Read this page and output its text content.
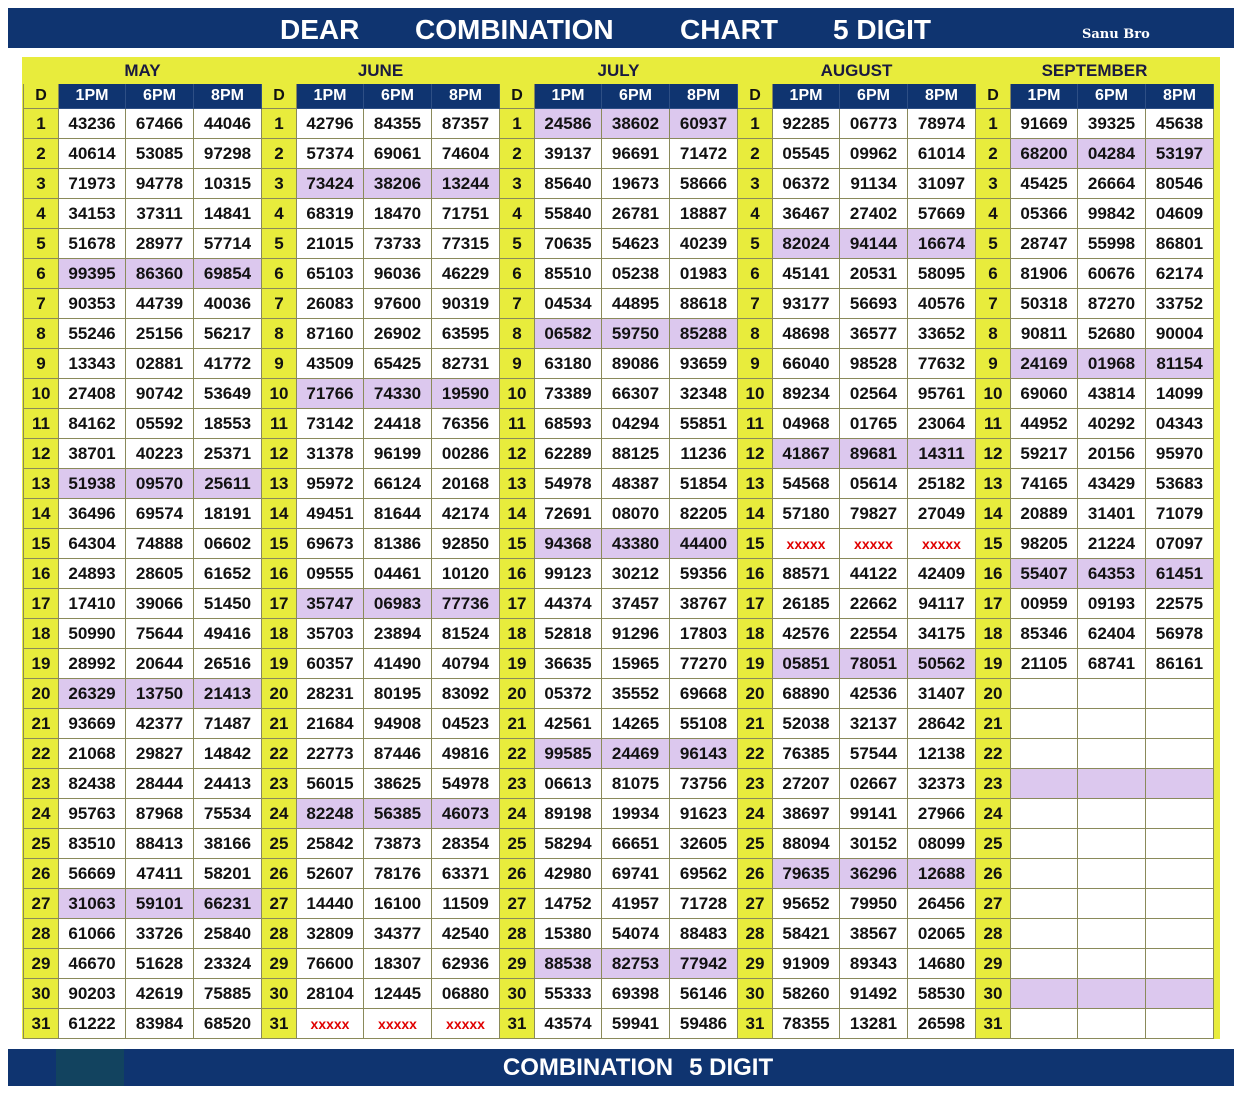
DEAR COMBINATION CHART 5 DIGIT	Sanu Bro
MAY				JUNE				JULY				AUGUST				SEPTEMBER			
D	1PM	6PM	8PM	D	1PM	6PM	8PM	D	1PM	6PM	8PM	D	1PM	6PM	8PM	D	1PM	6PM	8PM
1	43236	67466	44046	1	42796	84355	87357	1	24586	38602	60937	1	92285	06773	78974	1	91669	39325	45638
2	40614	53085	97298	2	57374	69061	74604	2	39137	96691	71472	2	05545	09962	61014	2	68200	04284	53197
3	71973	94778	10315	3	73424	38206	13244	3	85640	19673	58666	3	06372	91134	31097	3	45425	26664	80546
4	34153	37311	14841	4	68319	18470	71751	4	55840	26781	18887	4	36467	27402	57669	4	05366	99842	04609
5	51678	28977	57714	5	21015	73733	77315	5	70635	54623	40239	5	82024	94144	16674	5	28747	55998	86801
6	99395	86360	69854	6	65103	96036	46229	6	85510	05238	01983	6	45141	20531	58095	6	81906	60676	62174
7	90353	44739	40036	7	26083	97600	90319	7	04534	44895	88618	7	93177	56693	40576	7	50318	87270	33752
8	55246	25156	56217	8	87160	26902	63595	8	06582	59750	85288	8	48698	36577	33652	8	90811	52680	90004
9	13343	02881	41772	9	43509	65425	82731	9	63180	89086	93659	9	66040	98528	77632	9	24169	01968	81154
10	27408	90742	53649	10	71766	74330	19590	10	73389	66307	32348	10	89234	02564	95761	10	69060	43814	14099
11	84162	05592	18553	11	73142	24418	76356	11	68593	04294	55851	11	04968	01765	23064	11	44952	40292	04343
12	38701	40223	25371	12	31378	96199	00286	12	62289	88125	11236	12	41867	89681	14311	12	59217	20156	95970
13	51938	09570	25611	13	95972	66124	20168	13	54978	48387	51854	13	54568	05614	25182	13	74165	43429	53683
14	36496	69574	18191	14	49451	81644	42174	14	72691	08070	82205	14	57180	79827	27049	14	20889	31401	71079
15	64304	74888	06602	15	69673	81386	92850	15	94368	43380	44400	15	xxxxx	xxxxx	xxxxx	15	98205	21224	07097
16	24893	28605	61652	16	09555	04461	10120	16	99123	30212	59356	16	88571	44122	42409	16	55407	64353	61451
17	17410	39066	51450	17	35747	06983	77736	17	44374	37457	38767	17	26185	22662	94117	17	00959	09193	22575
18	50990	75644	49416	18	35703	23894	81524	18	52818	91296	17803	18	42576	22554	34175	18	85346	62404	56978
19	28992	20644	26516	19	60357	41490	40794	19	36635	15965	77270	19	05851	78051	50562	19	21105	68741	86161
20	26329	13750	21413	20	28231	80195	83092	20	05372	35552	69668	20	68890	42536	31407	20			
21	93669	42377	71487	21	21684	94908	04523	21	42561	14265	55108	21	52038	32137	28642	21			
22	21068	29827	14842	22	22773	87446	49816	22	99585	24469	96143	22	76385	57544	12138	22			
23	82438	28444	24413	23	56015	38625	54978	23	06613	81075	73756	23	27207	02667	32373	23			
24	95763	87968	75534	24	82248	56385	46073	24	89198	19934	91623	24	38697	99141	27966	24			
25	83510	88413	38166	25	25842	73873	28354	25	58294	66651	32605	25	88094	30152	08099	25			
26	56669	47411	58201	26	52607	78176	63371	26	42980	69741	69562	26	79635	36296	12688	26			
27	31063	59101	66231	27	14440	16100	11509	27	14752	41957	71728	27	95652	79950	26456	27			
28	61066	33726	25840	28	32809	34377	42540	28	15380	54074	88483	28	58421	38567	02065	28			
29	46670	51628	23324	29	76600	18307	62936	29	88538	82753	77942	29	91909	89343	14680	29			
30	90203	42619	75885	30	28104	12445	06880	30	55333	69398	56146	30	58260	91492	58530	30			
31	61222	83984	68520	31	xxxxx	xxxxx	xxxxx	31	43574	59941	59486	31	78355	13281	26598	31			
COMBINATION 5 DIGIT
